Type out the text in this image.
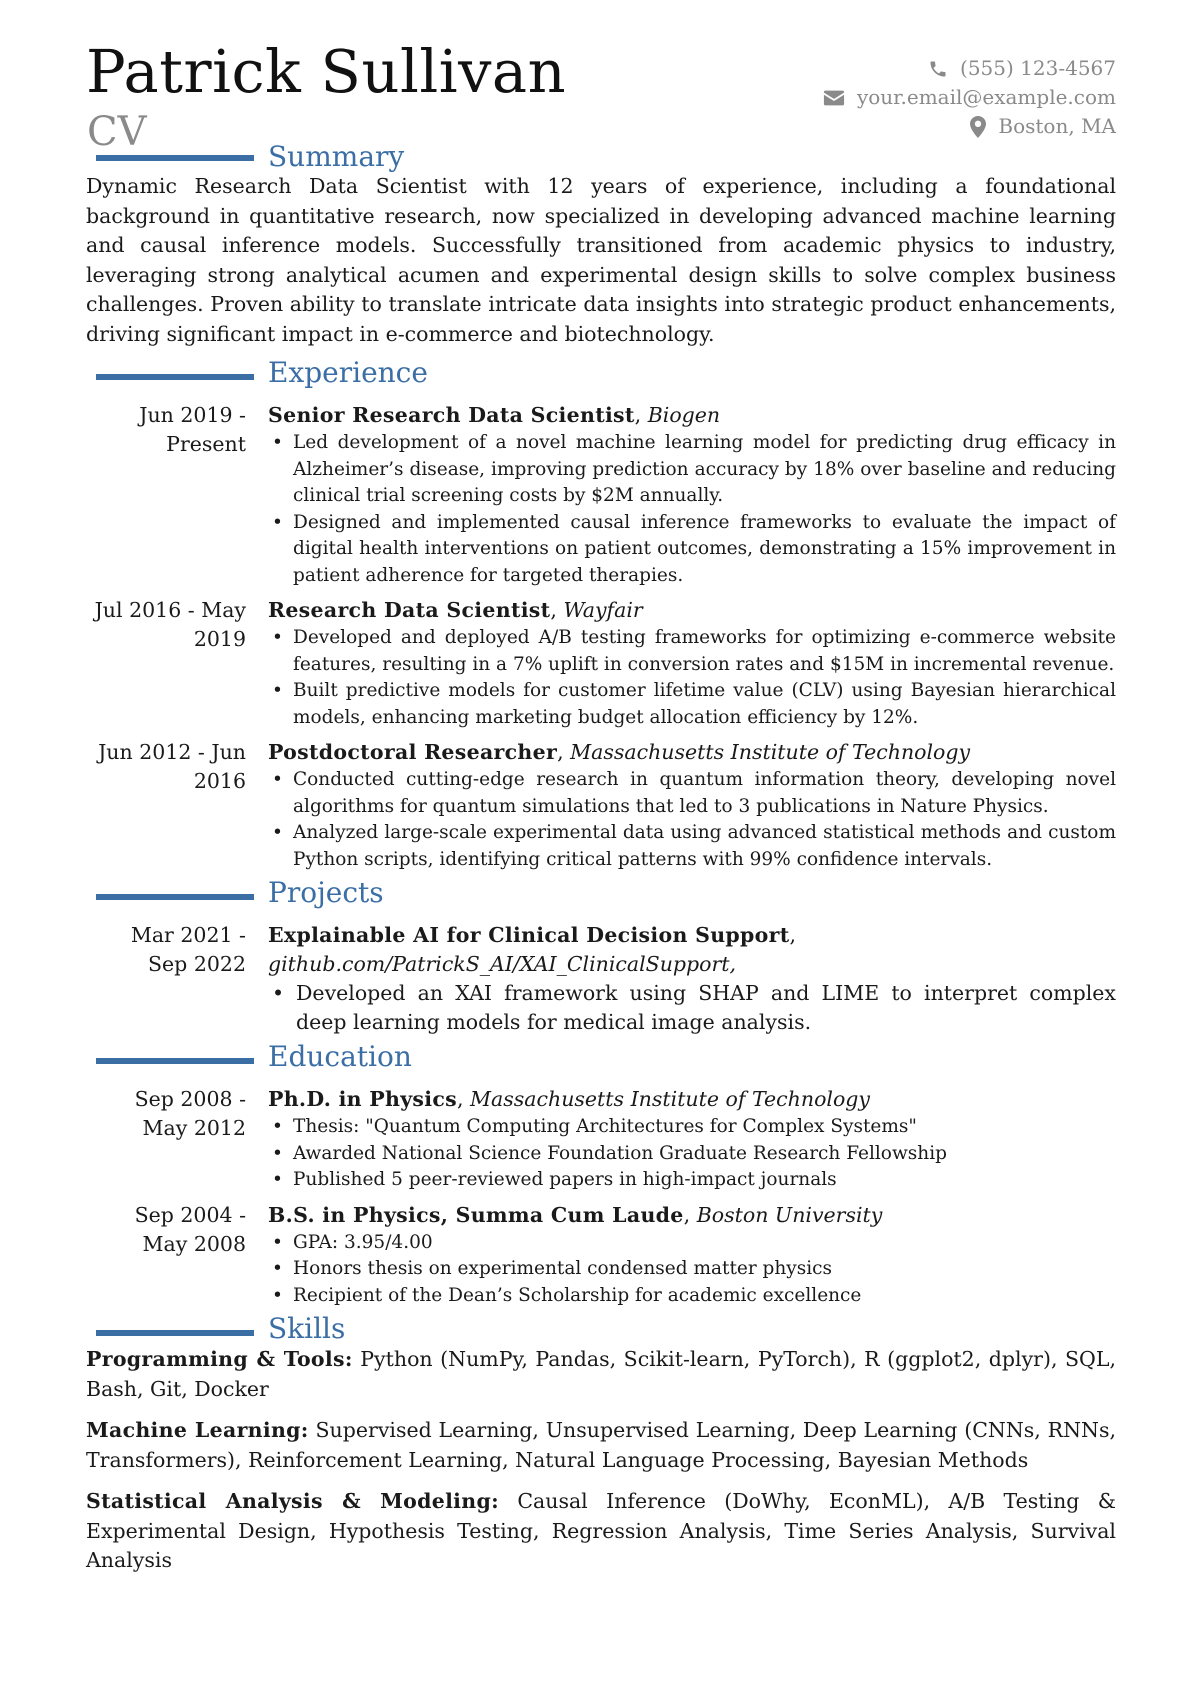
Patrick Sullivan
CV
(555) 123-4567
your.email@example.com
Boston, MA
Summary
Dynamic Research Data Scientist with 12 years of experience, including a foundational background in quantitative research, now specialized in developing advanced machine learning and causal inference models. Successfully transitioned from academic physics to industry, leveraging strong analytical acumen and experimental design skills to solve complex business challenges. Proven ability to translate intricate data insights into strategic product enhancements, driving significant impact in e-commerce and biotechnology.
Experience
Jun 2019 - Present
Senior Research Data Scientist, Biogen
• Led development of a novel machine learning model for predicting drug efficacy in Alzheimer’s disease, improving prediction accuracy by 18% over baseline and reducing clinical trial screening costs by $2M annually.
• Designed and implemented causal inference frameworks to evaluate the impact of digital health interventions on patient outcomes, demonstrating a 15% improvement in patient adherence for targeted therapies.
Jul 2016 - May 2019
Research Data Scientist, Wayfair
• Developed and deployed A/B testing frameworks for optimizing e-commerce website features, resulting in a 7% uplift in conversion rates and $15M in incremental revenue.
• Built predictive models for customer lifetime value (CLV) using Bayesian hierarchical models, enhancing marketing budget allocation efficiency by 12%.
Jun 2012 - Jun 2016
Postdoctoral Researcher, Massachusetts Institute of Technology
• Conducted cutting-edge research in quantum information theory, developing novel algorithms for quantum simulations that led to 3 publications in Nature Physics.
• Analyzed large-scale experimental data using advanced statistical methods and custom Python scripts, identifying critical patterns with 99% confidence intervals.
Projects
Mar 2021 - Sep 2022
Explainable AI for Clinical Decision Support, github.com/PatrickS_AI/XAI_ClinicalSupport,
• Developed an XAI framework using SHAP and LIME to interpret complex deep learning models for medical image analysis.
Education
Sep 2008 - May 2012
Ph.D. in Physics, Massachusetts Institute of Technology
• Thesis: "Quantum Computing Architectures for Complex Systems"
• Awarded National Science Foundation Graduate Research Fellowship
• Published 5 peer-reviewed papers in high-impact journals
Sep 2004 - May 2008
B.S. in Physics, Summa Cum Laude, Boston University
• GPA: 3.95/4.00
• Honors thesis on experimental condensed matter physics
• Recipient of the Dean’s Scholarship for academic excellence
Skills
Programming & Tools: Python (NumPy, Pandas, Scikit-learn, PyTorch), R (ggplot2, dplyr), SQL, Bash, Git, Docker
Machine Learning: Supervised Learning, Unsupervised Learning, Deep Learning (CNNs, RNNs, Transformers), Reinforcement Learning, Natural Language Processing, Bayesian Methods
Statistical Analysis & Modeling: Causal Inference (DoWhy, EconML), A/B Testing & Experimental Design, Hypothesis Testing, Regression Analysis, Time Series Analysis, Survival Analysis
